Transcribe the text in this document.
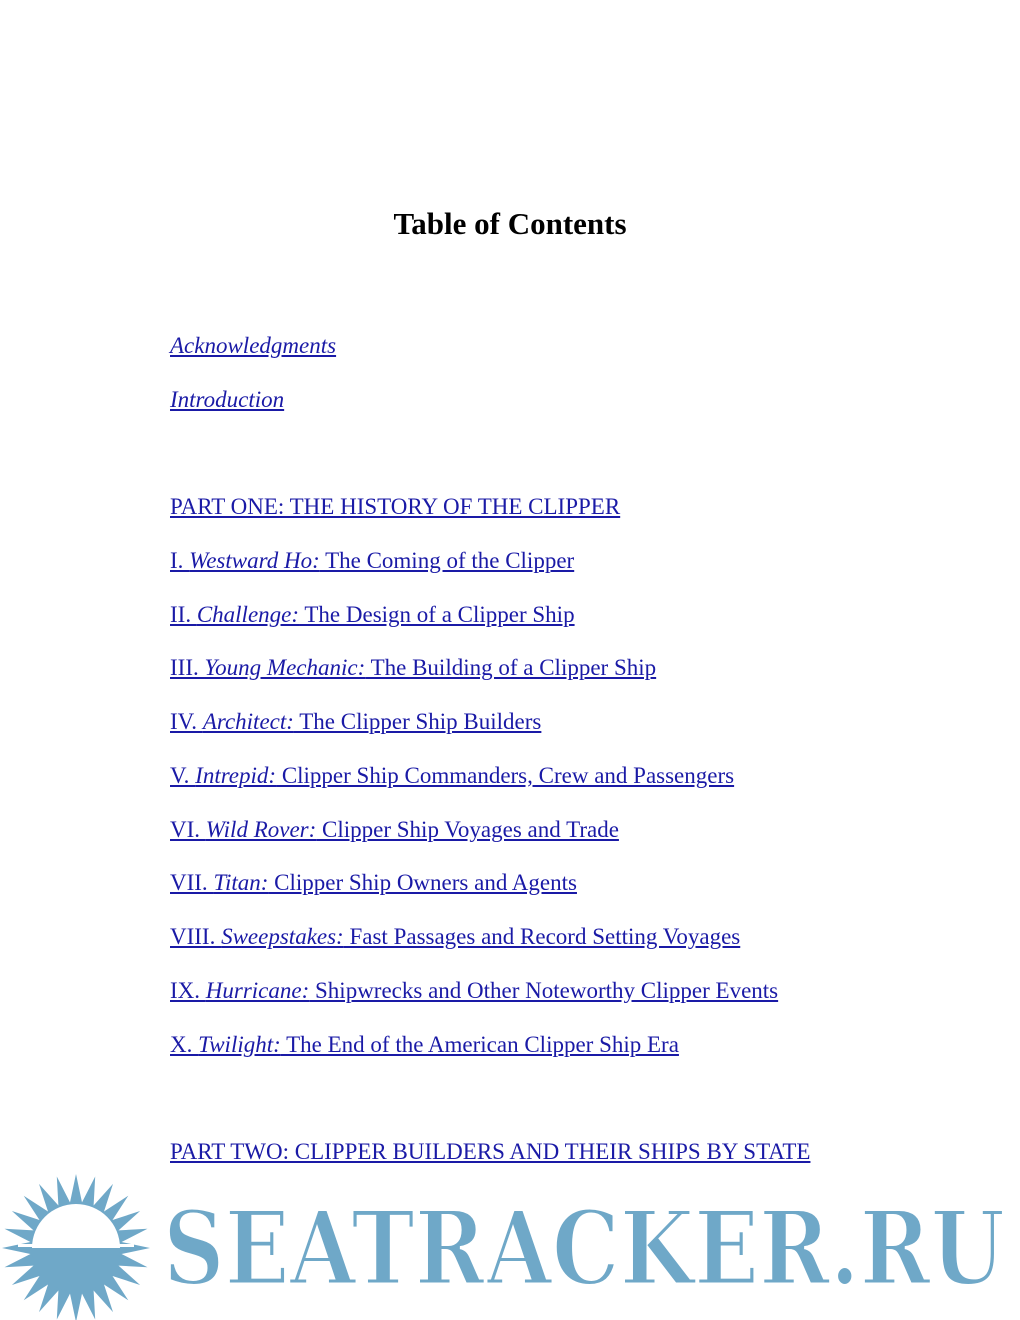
Table of Contents
Acknowledgments
Introduction
PART ONE: THE HISTORY OF THE CLIPPER
I. Westward Ho: The Coming of the Clipper
II. Challenge: The Design of a Clipper Ship
III. Young Mechanic: The Building of a Clipper Ship
IV. Architect: The Clipper Ship Builders
V. Intrepid: Clipper Ship Commanders, Crew and Passengers
VI. Wild Rover: Clipper Ship Voyages and Trade
VII. Titan: Clipper Ship Owners and Agents
VIII. Sweepstakes: Fast Passages and Record Setting Voyages
IX. Hurricane: Shipwrecks and Other Noteworthy Clipper Events
X. Twilight: The End of the American Clipper Ship Era
PART TWO: CLIPPER BUILDERS AND THEIR SHIPS BY STATE
SEATRACKER.RU
